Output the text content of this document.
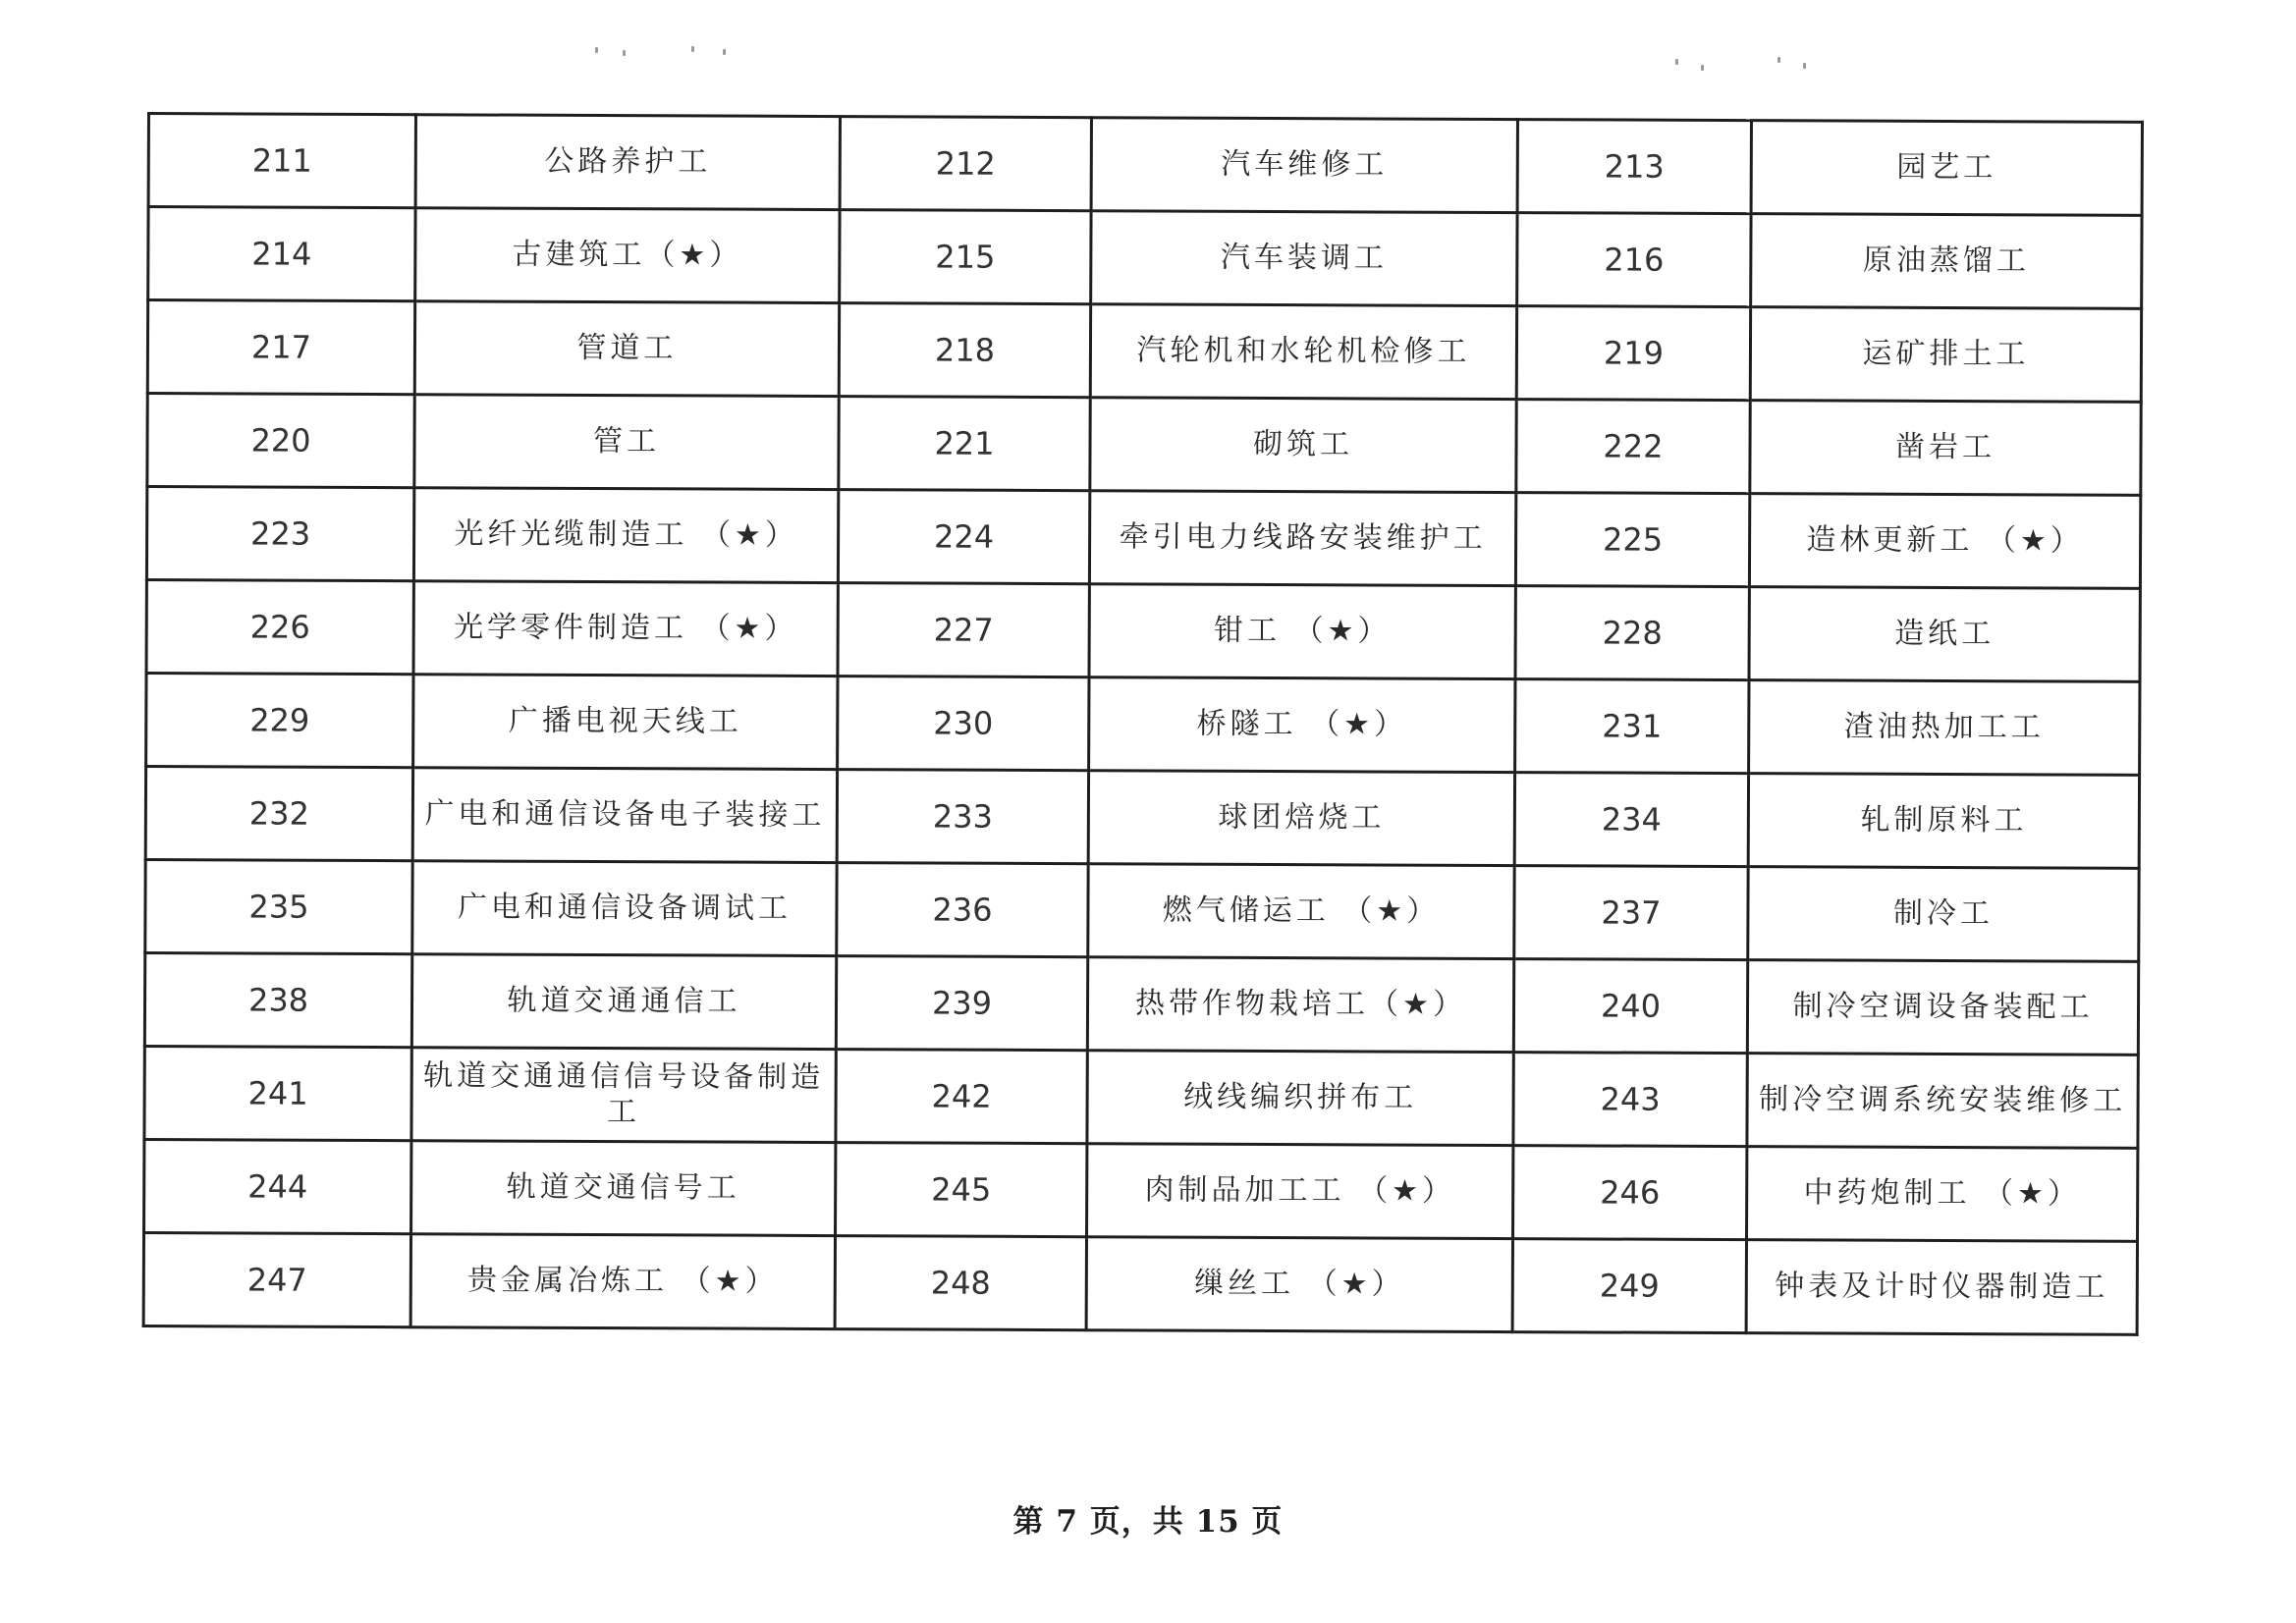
211	公路养护工	212	汽车维修工	213	园艺工
214	古建筑工（★）	215	汽车装调工	216	原油蒸馏工
217	管道工	218	汽轮机和水轮机检修工	219	运矿排土工
220	管工	221	砌筑工	222	凿岩工
223	光纤光缆制造工 （★）	224	牵引电力线路安装维护工	225	造林更新工 （★）
226	光学零件制造工 （★）	227	钳工 （★）	228	造纸工
229	广播电视天线工	230	桥隧工 （★）	231	渣油热加工工
232	广电和通信设备电子装接工	233	球团焙烧工	234	轧制原料工
235	广电和通信设备调试工	236	燃气储运工 （★）	237	制冷工
238	轨道交通通信工	239	热带作物栽培工（★）	240	制冷空调设备装配工
241	轨道交通通信信号设备制造工	242	绒线编织拼布工	243	制冷空调系统安装维修工
244	轨道交通信号工	245	肉制品加工工 （★）	246	中药炮制工 （★）
247	贵金属冶炼工 （★）	248	缫丝工 （★）	249	钟表及计时仪器制造工
第 7 页，共 15 页
